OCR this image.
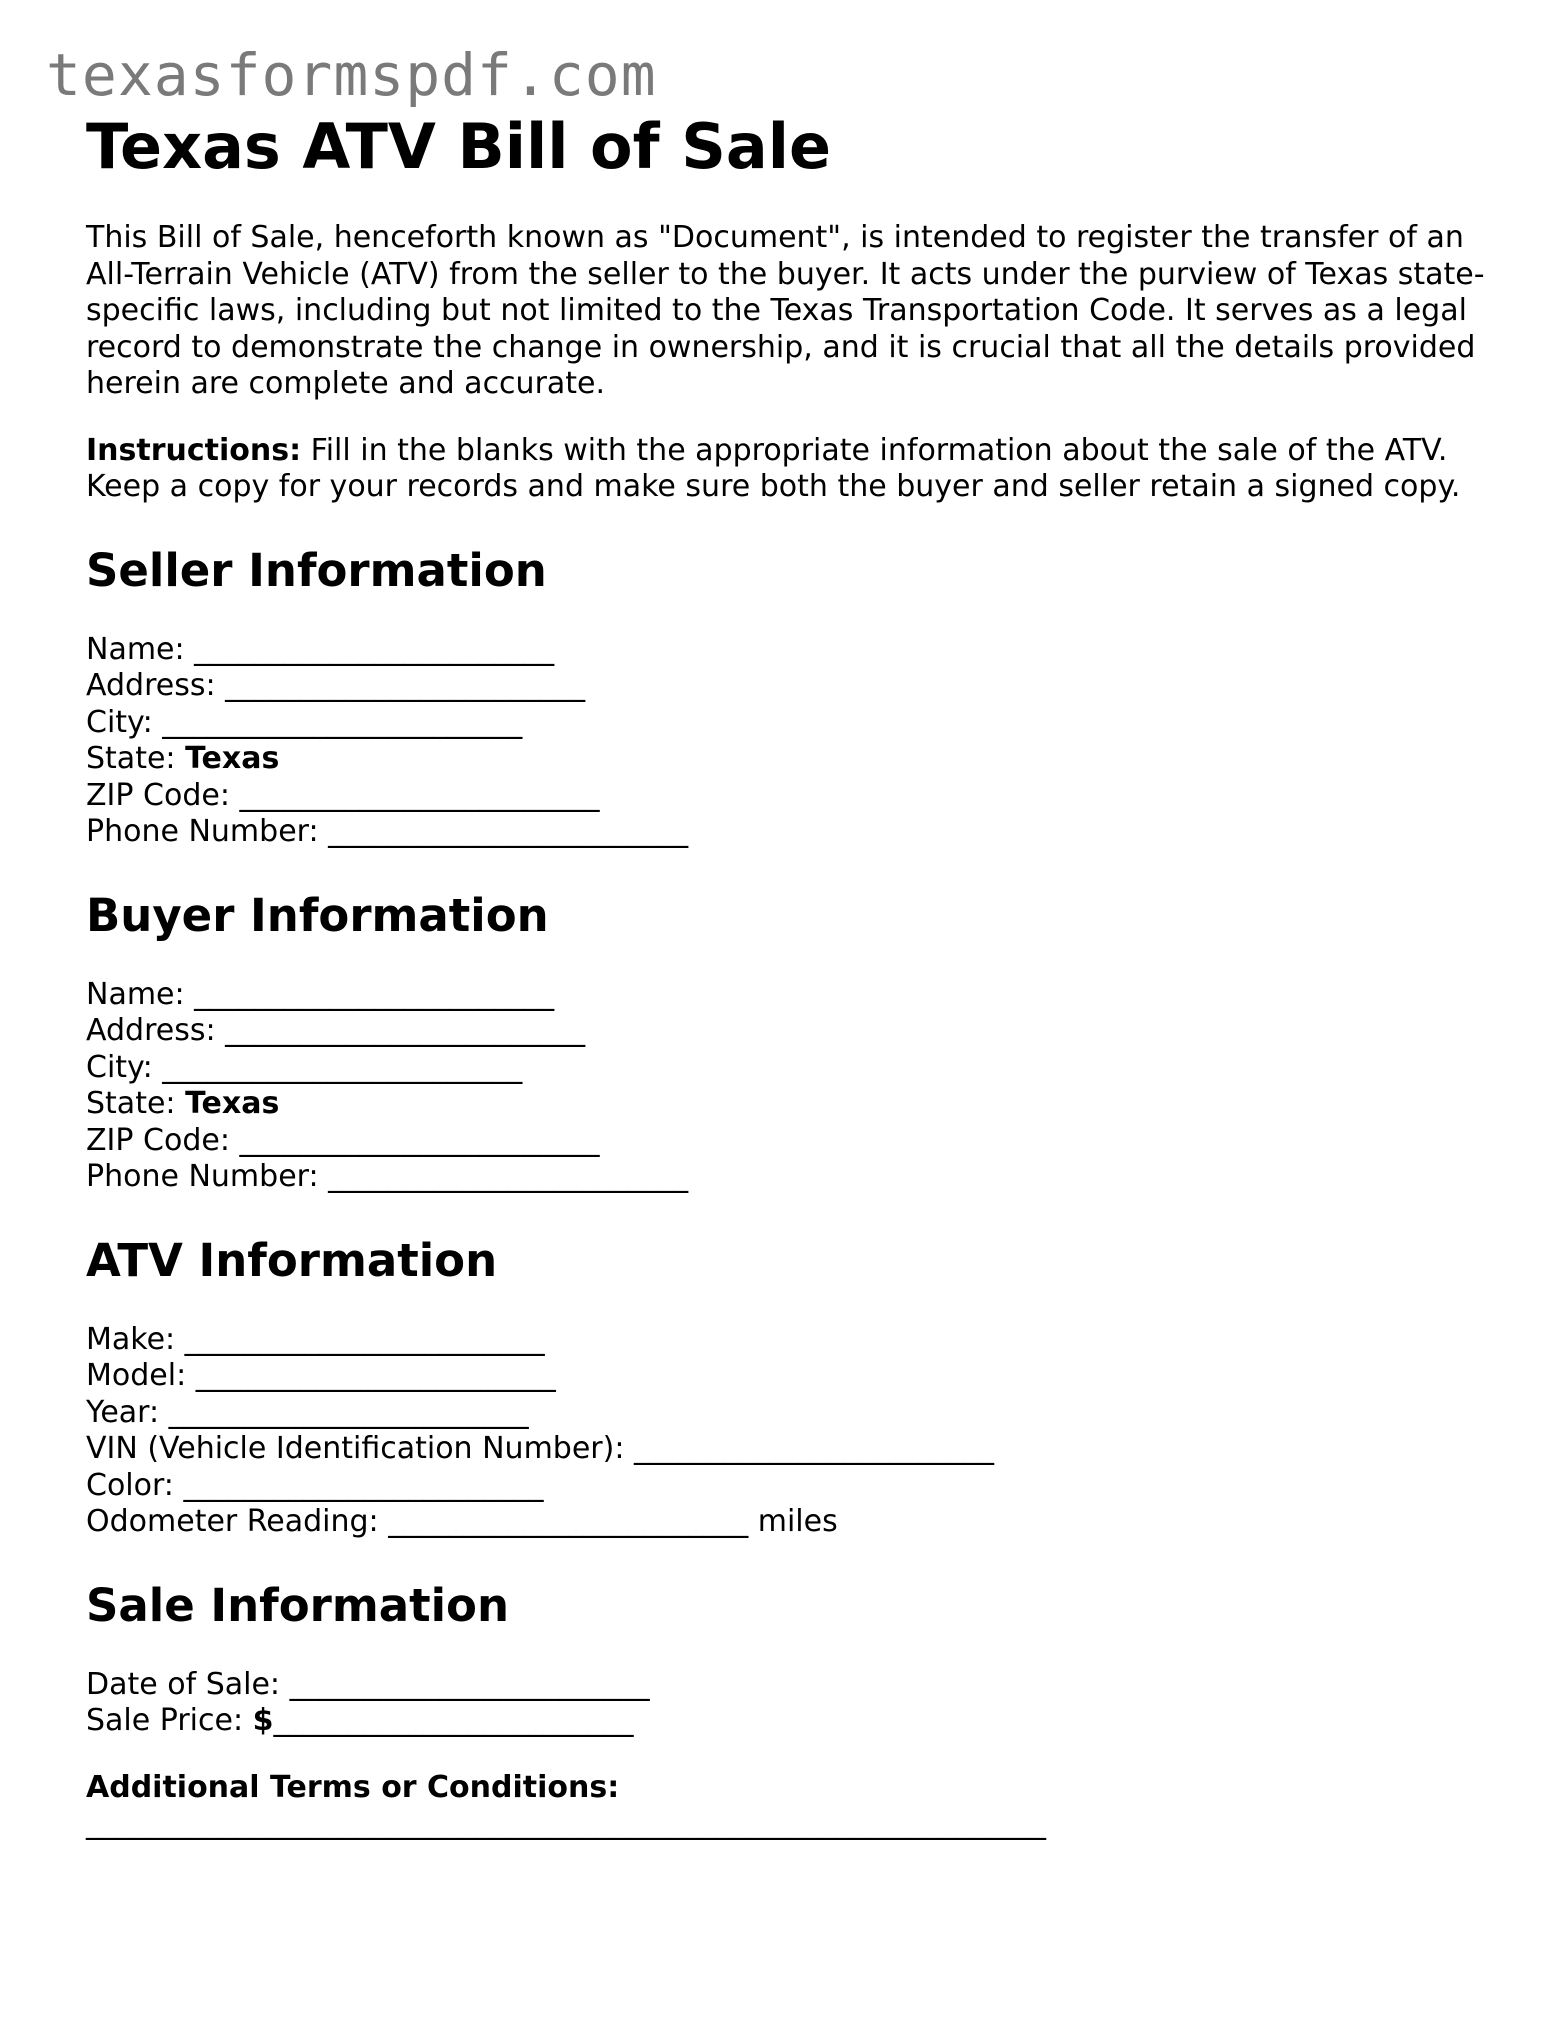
texasformspdf.com
Texas ATV Bill of Sale

This Bill of Sale, henceforth known as "Document", is intended to register the transfer of an All-Terrain Vehicle (ATV) from the seller to the buyer. It acts under the purview of Texas state-specific laws, including but not limited to the Texas Transportation Code. It serves as a legal record to demonstrate the change in ownership, and it is crucial that all the details provided herein are complete and accurate.

Instructions: Fill in the blanks with the appropriate information about the sale of the ATV. Keep a copy for your records and make sure both the buyer and seller retain a signed copy.

Seller Information
Name: ________________________
Address: ________________________
City: ________________________
State: Texas
ZIP Code: ________________________
Phone Number: ________________________
Buyer Information
Name: ________________________
Address: ________________________
City: ________________________
State: Texas
ZIP Code: ________________________
Phone Number: ________________________
ATV Information
Make: ________________________
Model: ________________________
Year: ________________________
VIN (Vehicle Identification Number): ________________________
Color: ________________________
Odometer Reading: ________________________ miles
Sale Information
Date of Sale: ________________________
Sale Price: $________________________
Additional Terms or Conditions:
________________________________________________________________
